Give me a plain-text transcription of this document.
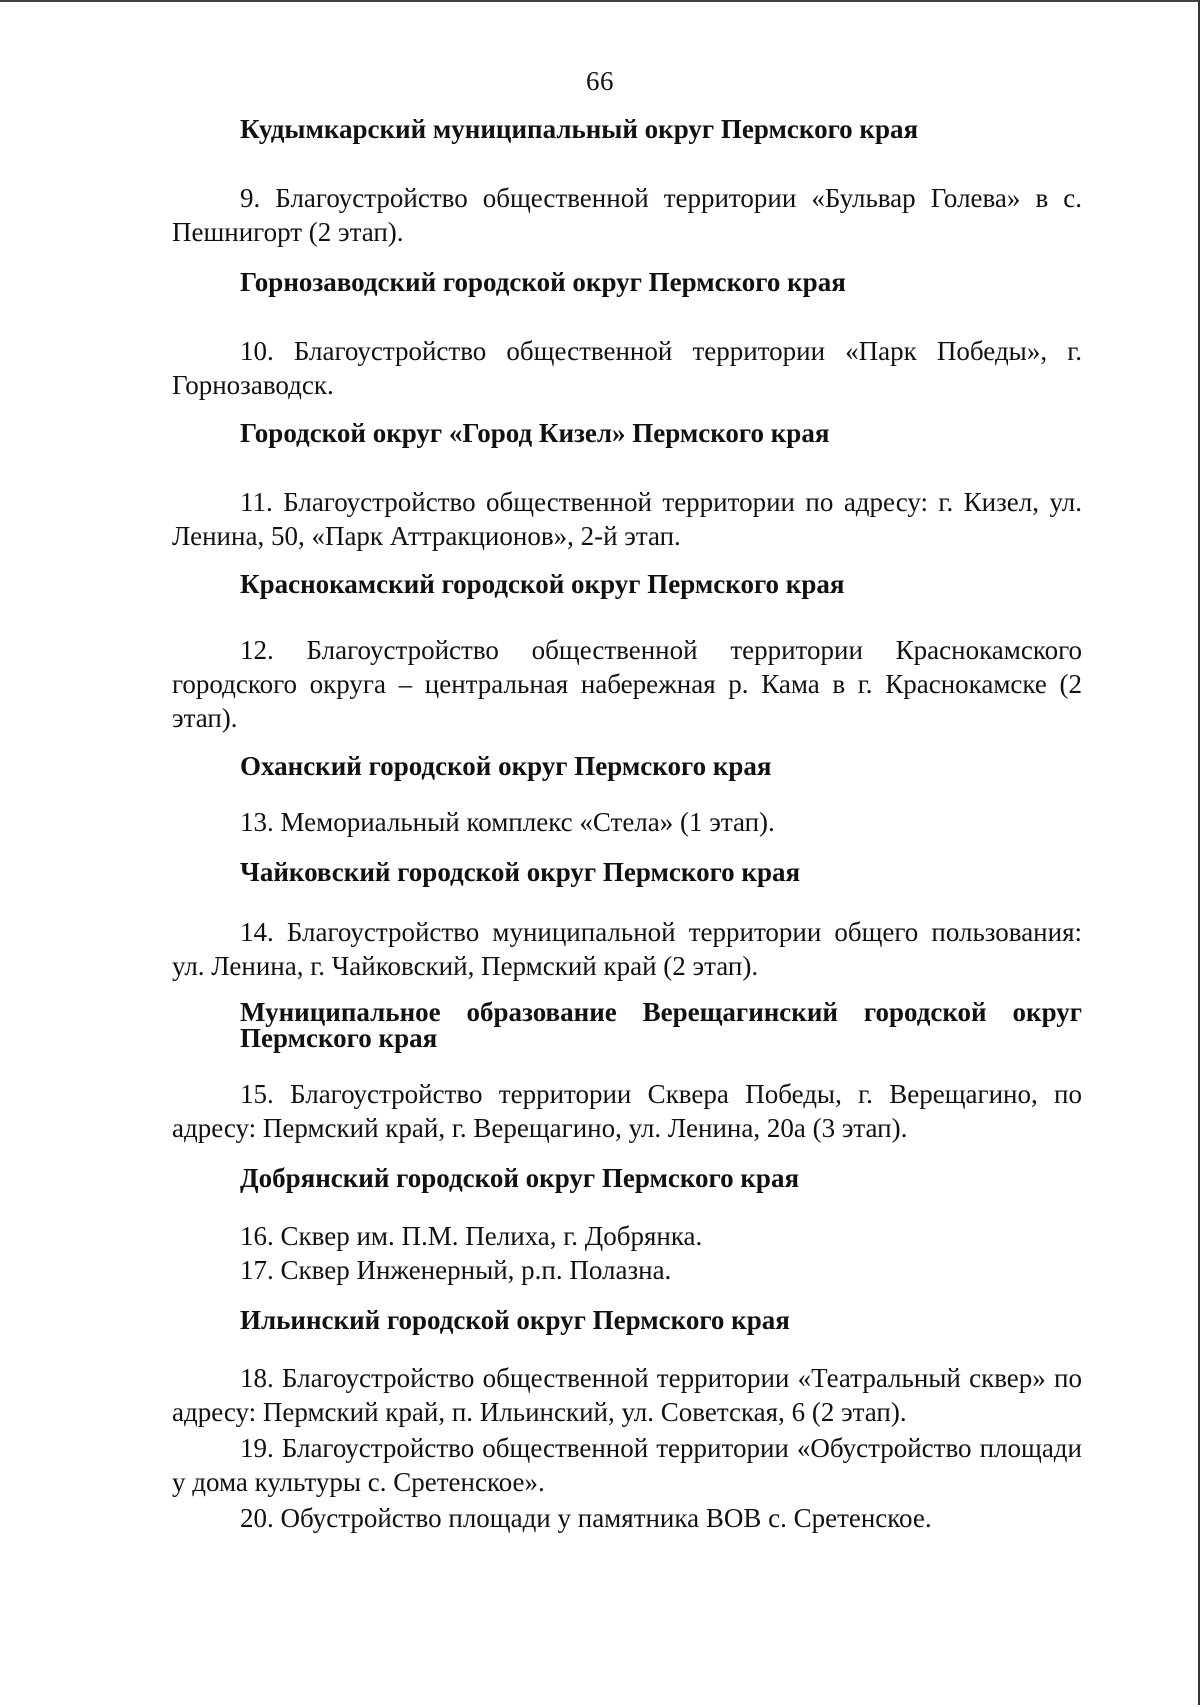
66

Кудымкарский муниципальный округ Пермского края

9. Благоустройство общественной территории «Бульвар Голева» в с. Пешнигорт (2 этап).

Горнозаводский городской округ Пермского края

10. Благоустройство общественной территории «Парк Победы», г. Горнозаводск.

Городской округ «Город Кизел» Пермского края

11. Благоустройство общественной территории по адресу: г. Кизел, ул. Ленина, 50, «Парк Аттракционов», 2-й этап.

Краснокамский городской округ Пермского края

12. Благоустройство общественной территории Краснокамского городского округа – центральная набережная р. Кама в г. Краснокамске (2 этап).

Оханский городской округ Пермского края

13. Мемориальный комплекс «Стела» (1 этап).

Чайковский городской округ Пермского края

14. Благоустройство муниципальной территории общего пользования: ул. Ленина, г. Чайковский, Пермский край (2 этап).

Муниципальное образование Верещагинский городской округ Пермского края

15. Благоустройство территории Сквера Победы, г. Верещагино, по адресу: Пермский край, г. Верещагино, ул. Ленина, 20а (3 этап).

Добрянский городской округ Пермского края

16. Сквер им. П.М. Пелиха, г. Добрянка.

17. Сквер Инженерный, р.п. Полазна.

Ильинский городской округ Пермского края

18. Благоустройство общественной территории «Театральный сквер» по адресу: Пермский край, п. Ильинский, ул. Советская, 6 (2 этап).

19. Благоустройство общественной территории «Обустройство площади у дома культуры с. Сретенское».

20. Обустройство площади у памятника ВОВ с. Сретенское.
